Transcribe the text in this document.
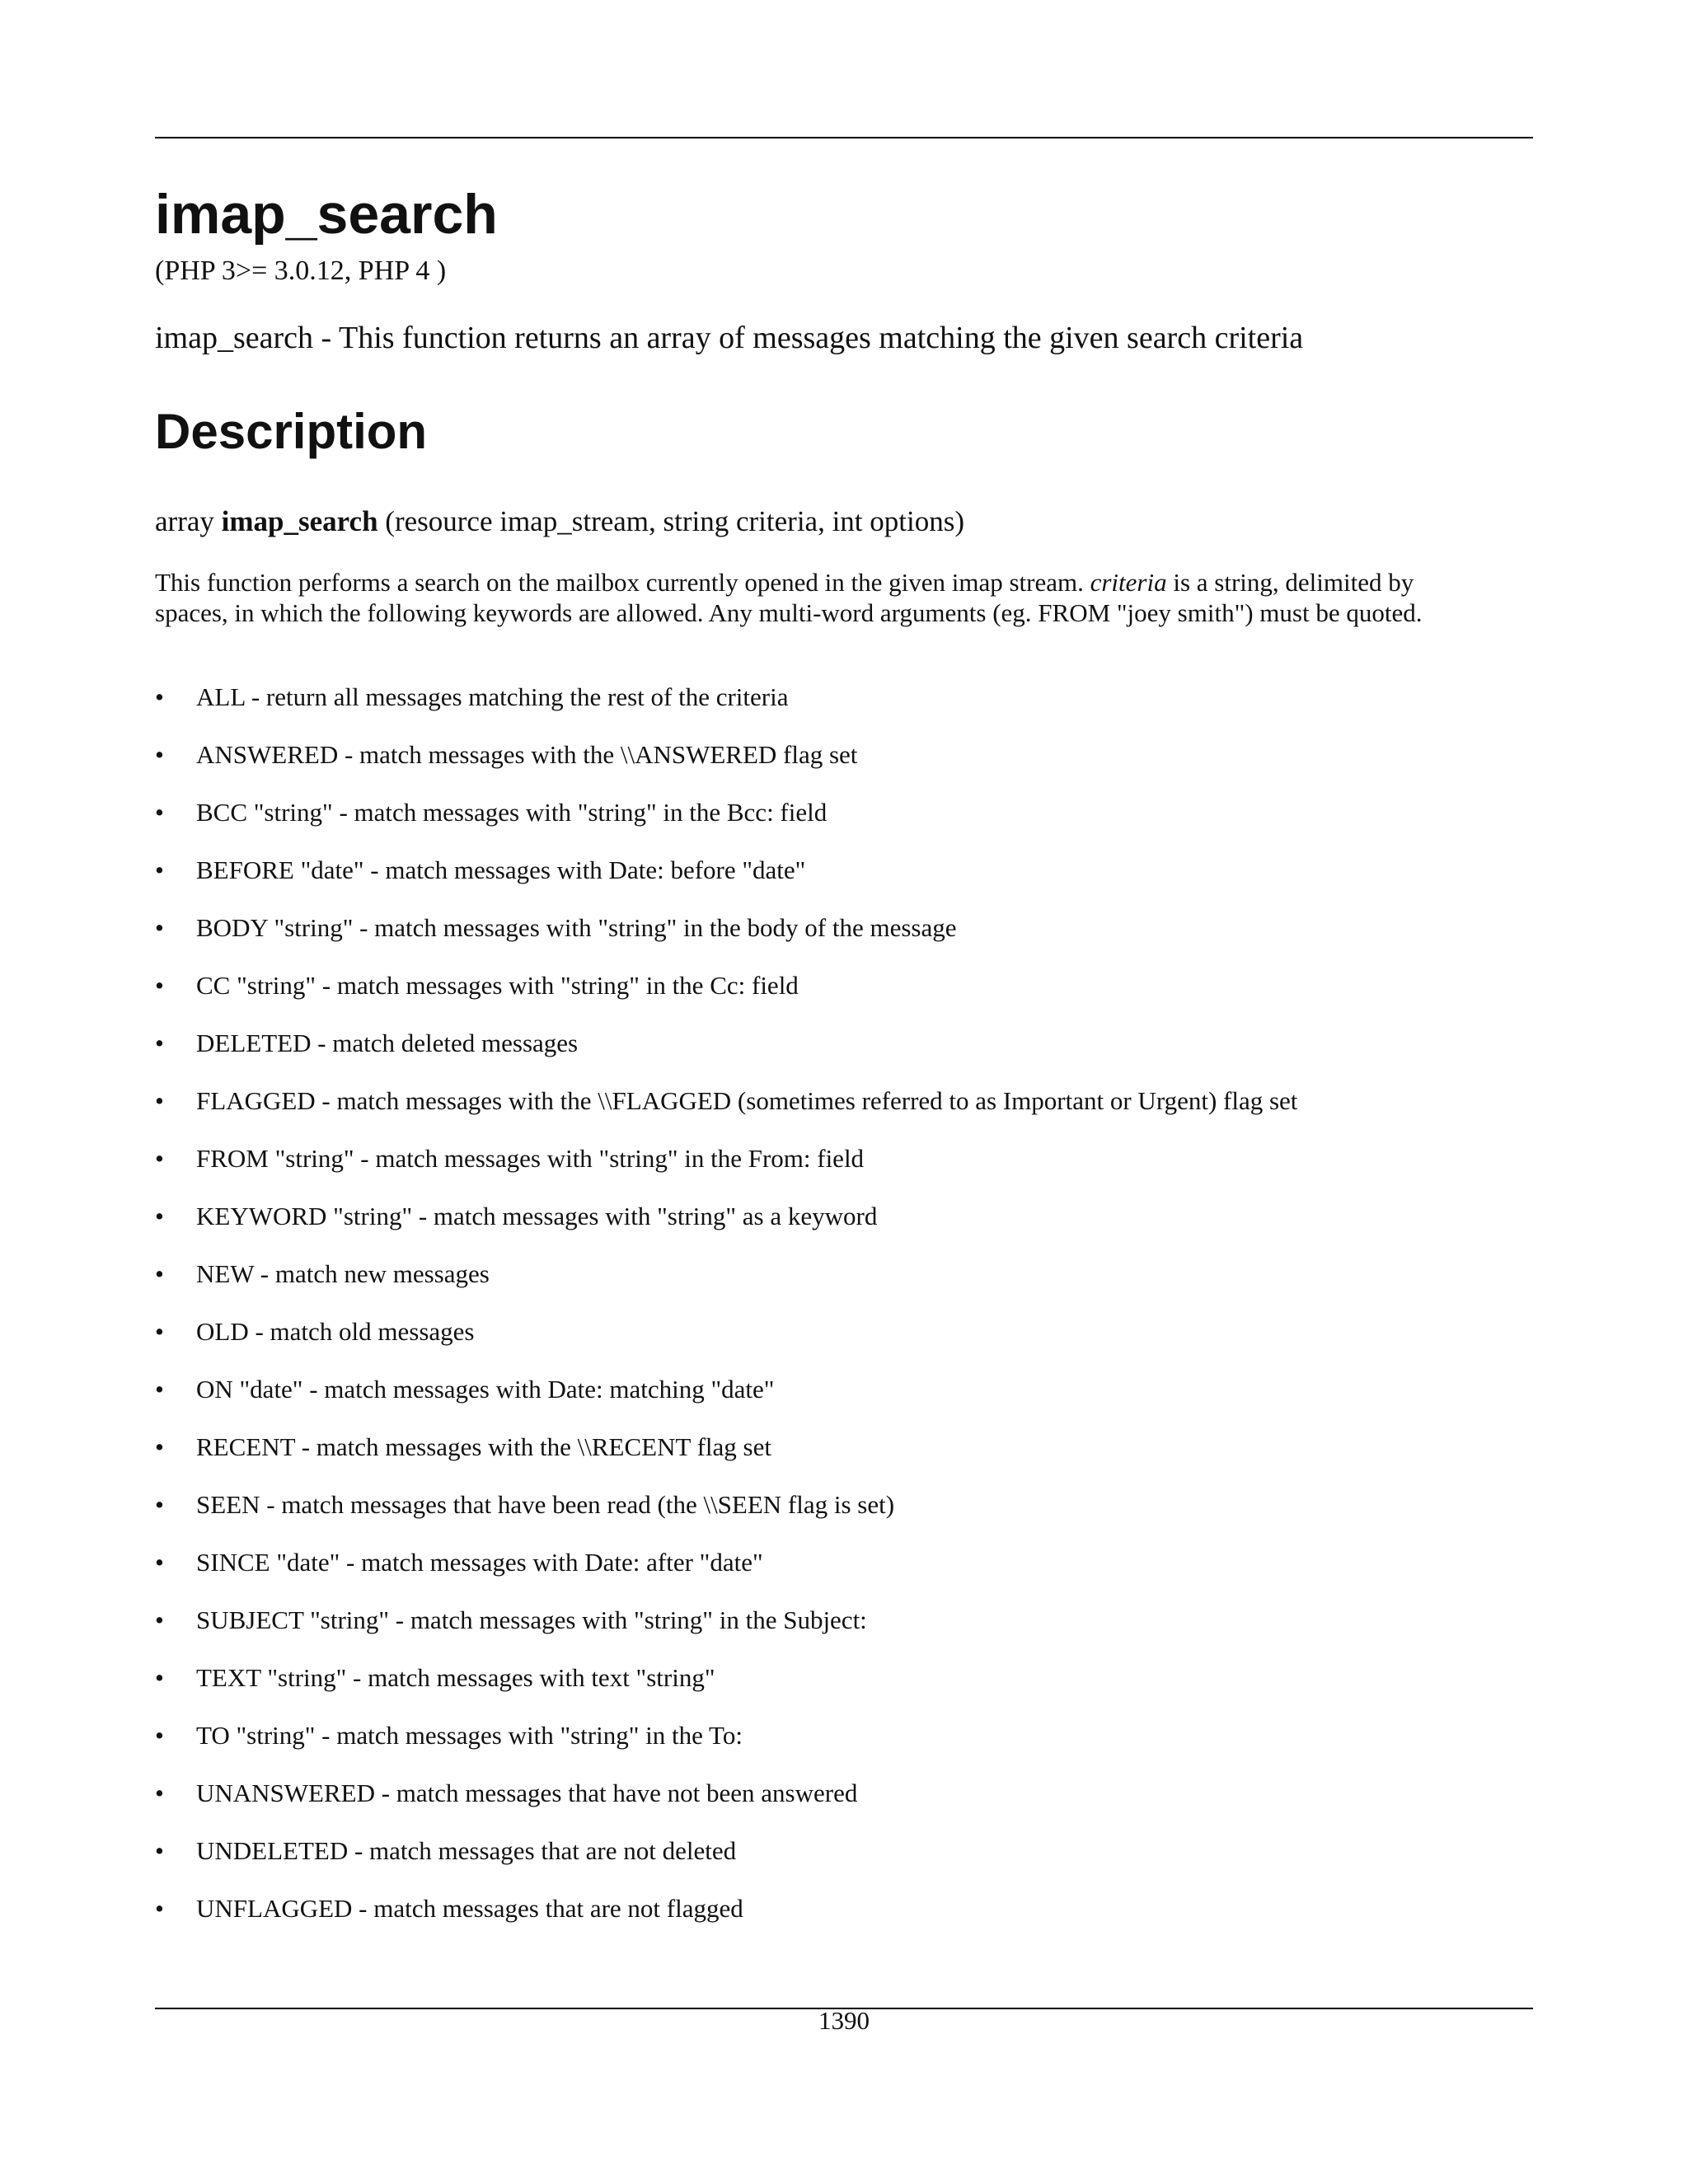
imap_search
(PHP 3>= 3.0.12, PHP 4 )
imap_search - This function returns an array of messages matching the given search criteria
Description
array imap_search (resource imap_stream, string criteria, int options)

This function performs a search on the mailbox currently opened in the given imap stream. criteria is a string, delimited by
spaces, in which the following keywords are allowed. Any multi-word arguments (eg. FROM "joey smith") must be quoted.

• ALL - return all messages matching the rest of the criteria
• ANSWERED - match messages with the \\ANSWERED flag set
• BCC "string" - match messages with "string" in the Bcc: field
• BEFORE "date" - match messages with Date: before "date"
• BODY "string" - match messages with "string" in the body of the message
• CC "string" - match messages with "string" in the Cc: field
• DELETED - match deleted messages
• FLAGGED - match messages with the \\FLAGGED (sometimes referred to as Important or Urgent) flag set
• FROM "string" - match messages with "string" in the From: field
• KEYWORD "string" - match messages with "string" as a keyword
• NEW - match new messages
• OLD - match old messages
• ON "date" - match messages with Date: matching "date"
• RECENT - match messages with the \\RECENT flag set
• SEEN - match messages that have been read (the \\SEEN flag is set)
• SINCE "date" - match messages with Date: after "date"
• SUBJECT "string" - match messages with "string" in the Subject:
• TEXT "string" - match messages with text "string"
• TO "string" - match messages with "string" in the To:
• UNANSWERED - match messages that have not been answered
• UNDELETED - match messages that are not deleted
• UNFLAGGED - match messages that are not flagged
1390
